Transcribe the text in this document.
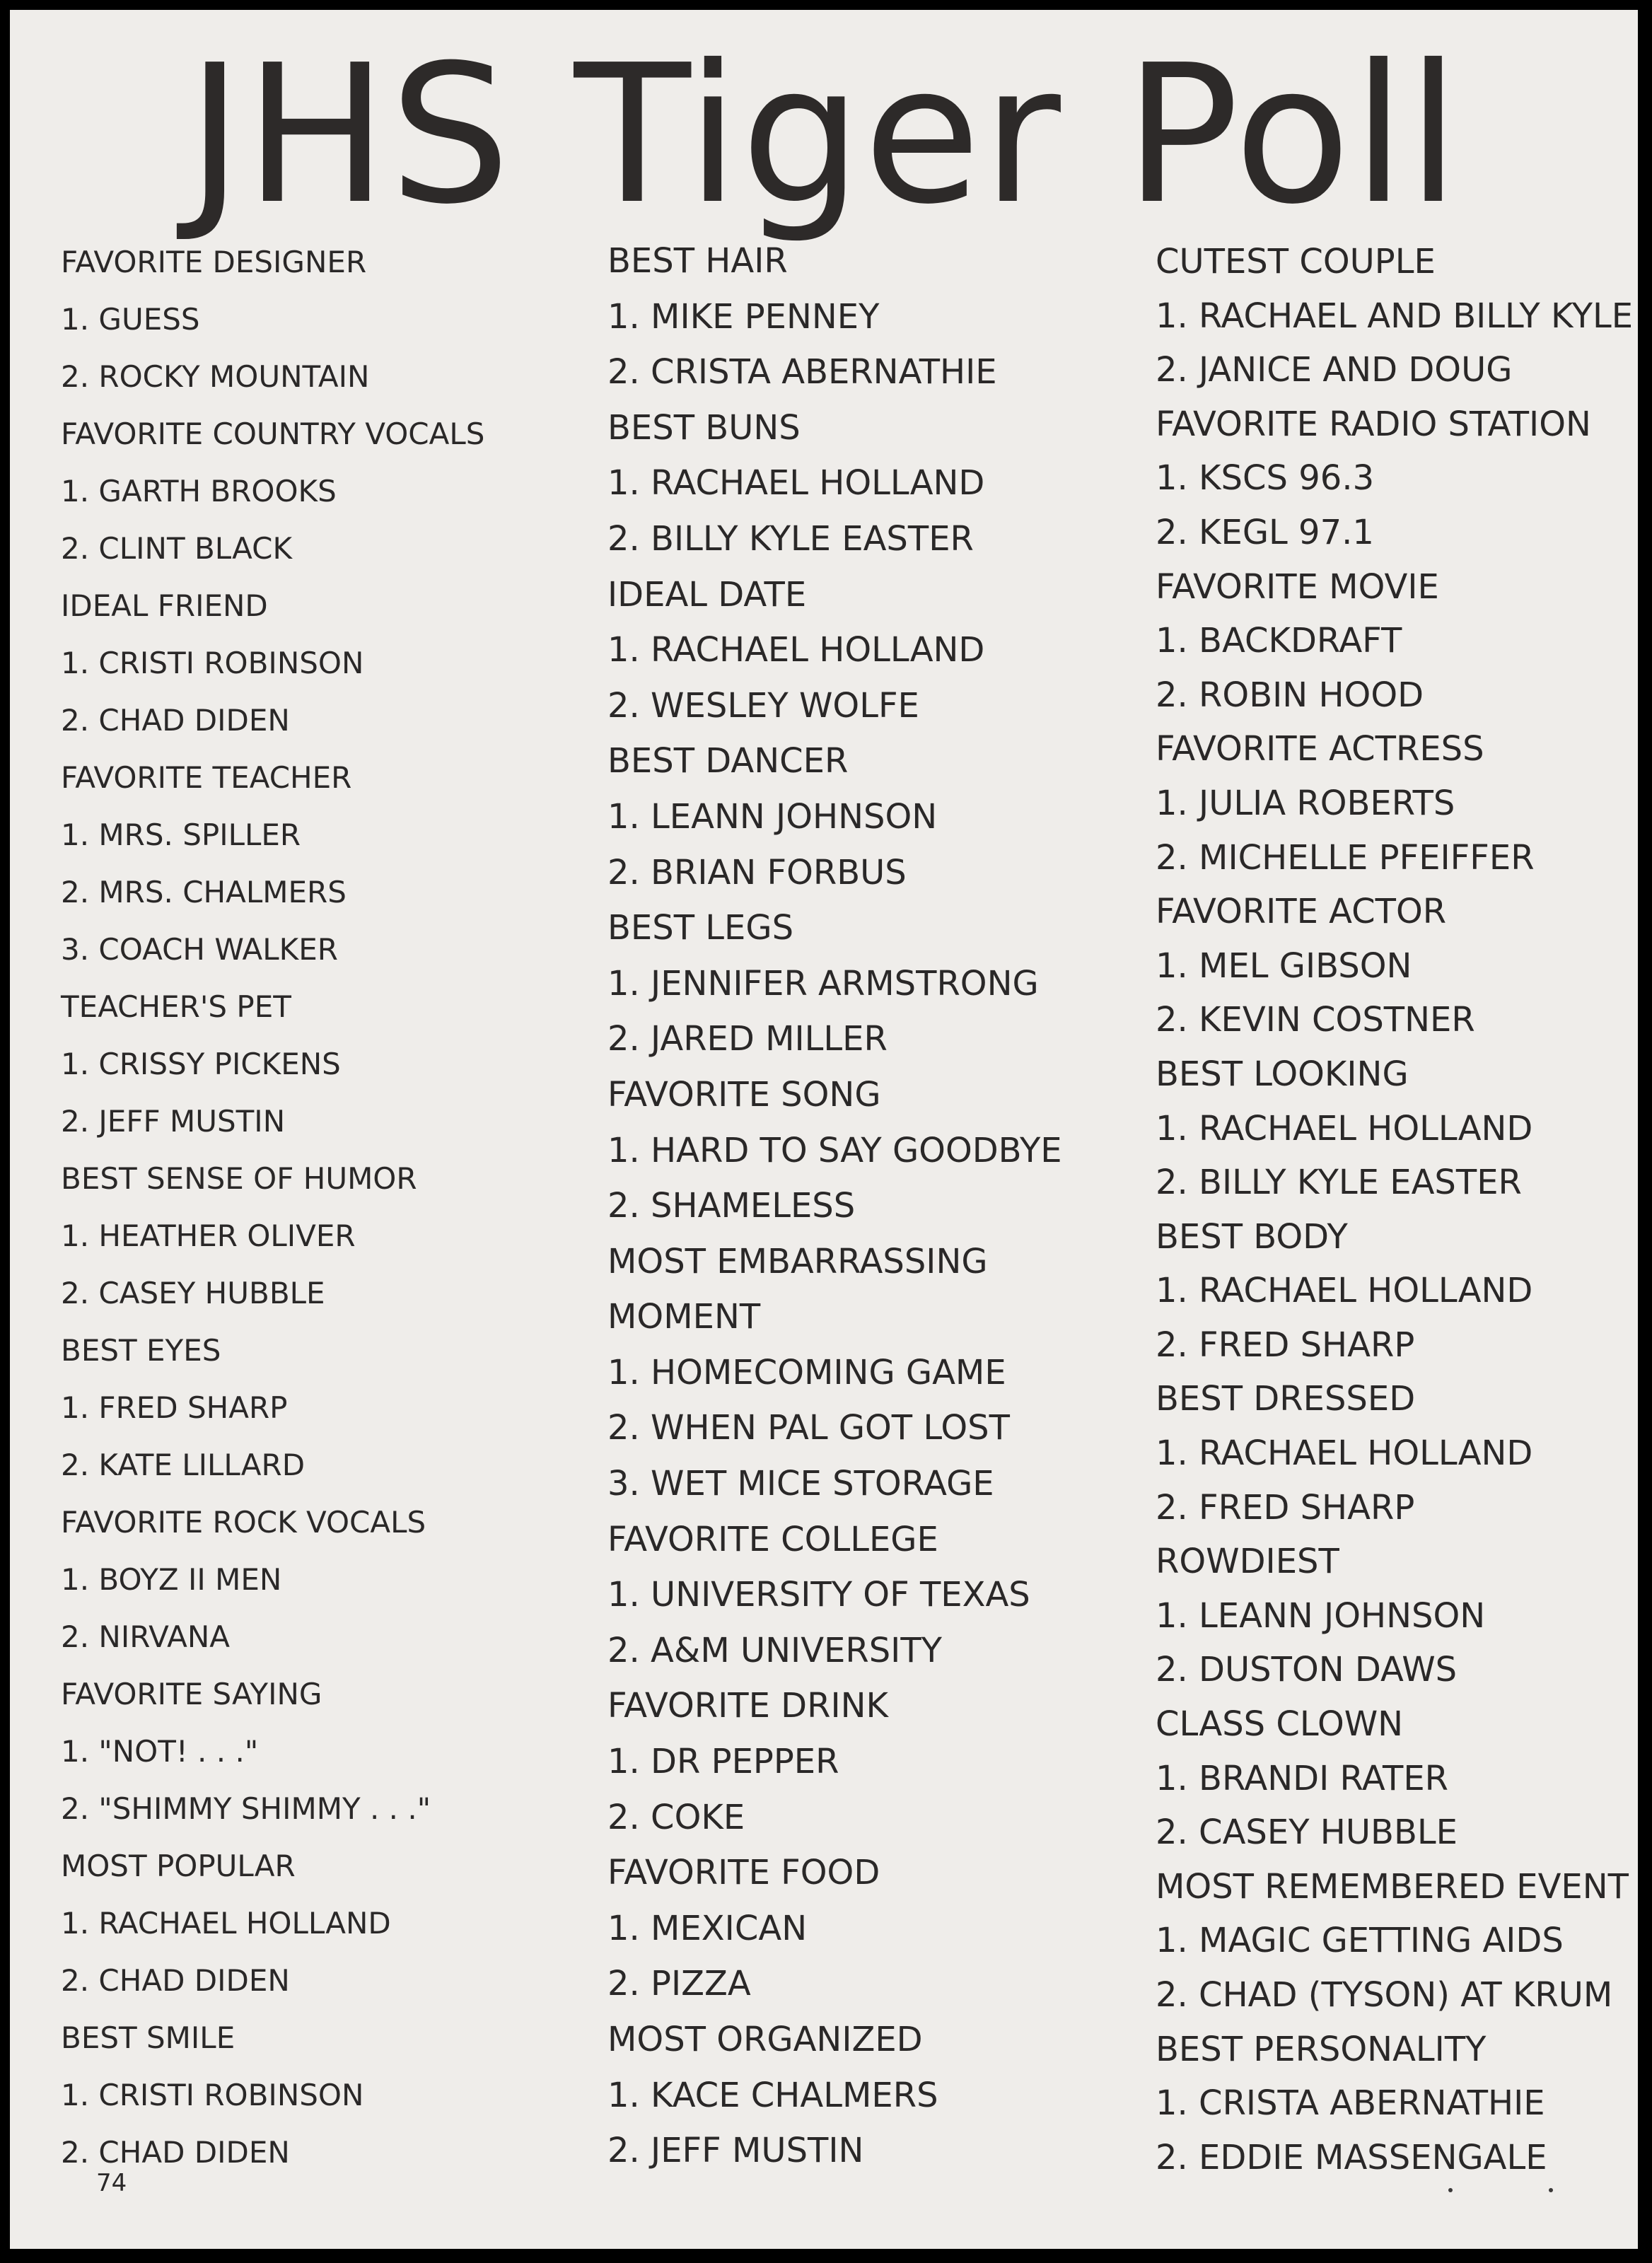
JHS Tiger Poll
FAVORITE DESIGNER
1. GUESS
2. ROCKY MOUNTAIN
FAVORITE COUNTRY VOCALS
1. GARTH BROOKS
2. CLINT BLACK
IDEAL FRIEND
1. CRISTI ROBINSON
2. CHAD DIDEN
FAVORITE TEACHER
1. MRS. SPILLER
2. MRS. CHALMERS
3. COACH WALKER
TEACHER'S PET
1. CRISSY PICKENS
2. JEFF MUSTIN
BEST SENSE OF HUMOR
1. HEATHER OLIVER
2. CASEY HUBBLE
BEST EYES
1. FRED SHARP
2. KATE LILLARD
FAVORITE ROCK VOCALS
1. BOYZ II MEN
2. NIRVANA
FAVORITE SAYING
1. "NOT! . . ."
2. "SHIMMY SHIMMY . . ."
MOST POPULAR
1. RACHAEL HOLLAND
2. CHAD DIDEN
BEST SMILE
1. CRISTI ROBINSON
2. CHAD DIDEN
BEST HAIR
1. MIKE PENNEY
2. CRISTA ABERNATHIE
BEST BUNS
1. RACHAEL HOLLAND
2. BILLY KYLE EASTER
IDEAL DATE
1. RACHAEL HOLLAND
2. WESLEY WOLFE
BEST DANCER
1. LEANN JOHNSON
2. BRIAN FORBUS
BEST LEGS
1. JENNIFER ARMSTRONG
2. JARED MILLER
FAVORITE SONG
1. HARD TO SAY GOODBYE
2. SHAMELESS
MOST EMBARRASSING
MOMENT
1. HOMECOMING GAME
2. WHEN PAL GOT LOST
3. WET MICE STORAGE
FAVORITE COLLEGE
1. UNIVERSITY OF TEXAS
2. A&M UNIVERSITY
FAVORITE DRINK
1. DR PEPPER
2. COKE
FAVORITE FOOD
1. MEXICAN
2. PIZZA
MOST ORGANIZED
1. KACE CHALMERS
2. JEFF MUSTIN
CUTEST COUPLE
1. RACHAEL AND BILLY KYLE
2. JANICE AND DOUG
FAVORITE RADIO STATION
1. KSCS 96.3
2. KEGL 97.1
FAVORITE MOVIE
1. BACKDRAFT
2. ROBIN HOOD
FAVORITE ACTRESS
1. JULIA ROBERTS
2. MICHELLE PFEIFFER
FAVORITE ACTOR
1. MEL GIBSON
2. KEVIN COSTNER
BEST LOOKING
1. RACHAEL HOLLAND
2. BILLY KYLE EASTER
BEST BODY
1. RACHAEL HOLLAND
2. FRED SHARP
BEST DRESSED
1. RACHAEL HOLLAND
2. FRED SHARP
ROWDIEST
1. LEANN JOHNSON
2. DUSTON DAWS
CLASS CLOWN
1. BRANDI RATER
2. CASEY HUBBLE
MOST REMEMBERED EVENT
1. MAGIC GETTING AIDS
2. CHAD (TYSON) AT KRUM
BEST PERSONALITY
1. CRISTA ABERNATHIE
2. EDDIE MASSENGALE
74
